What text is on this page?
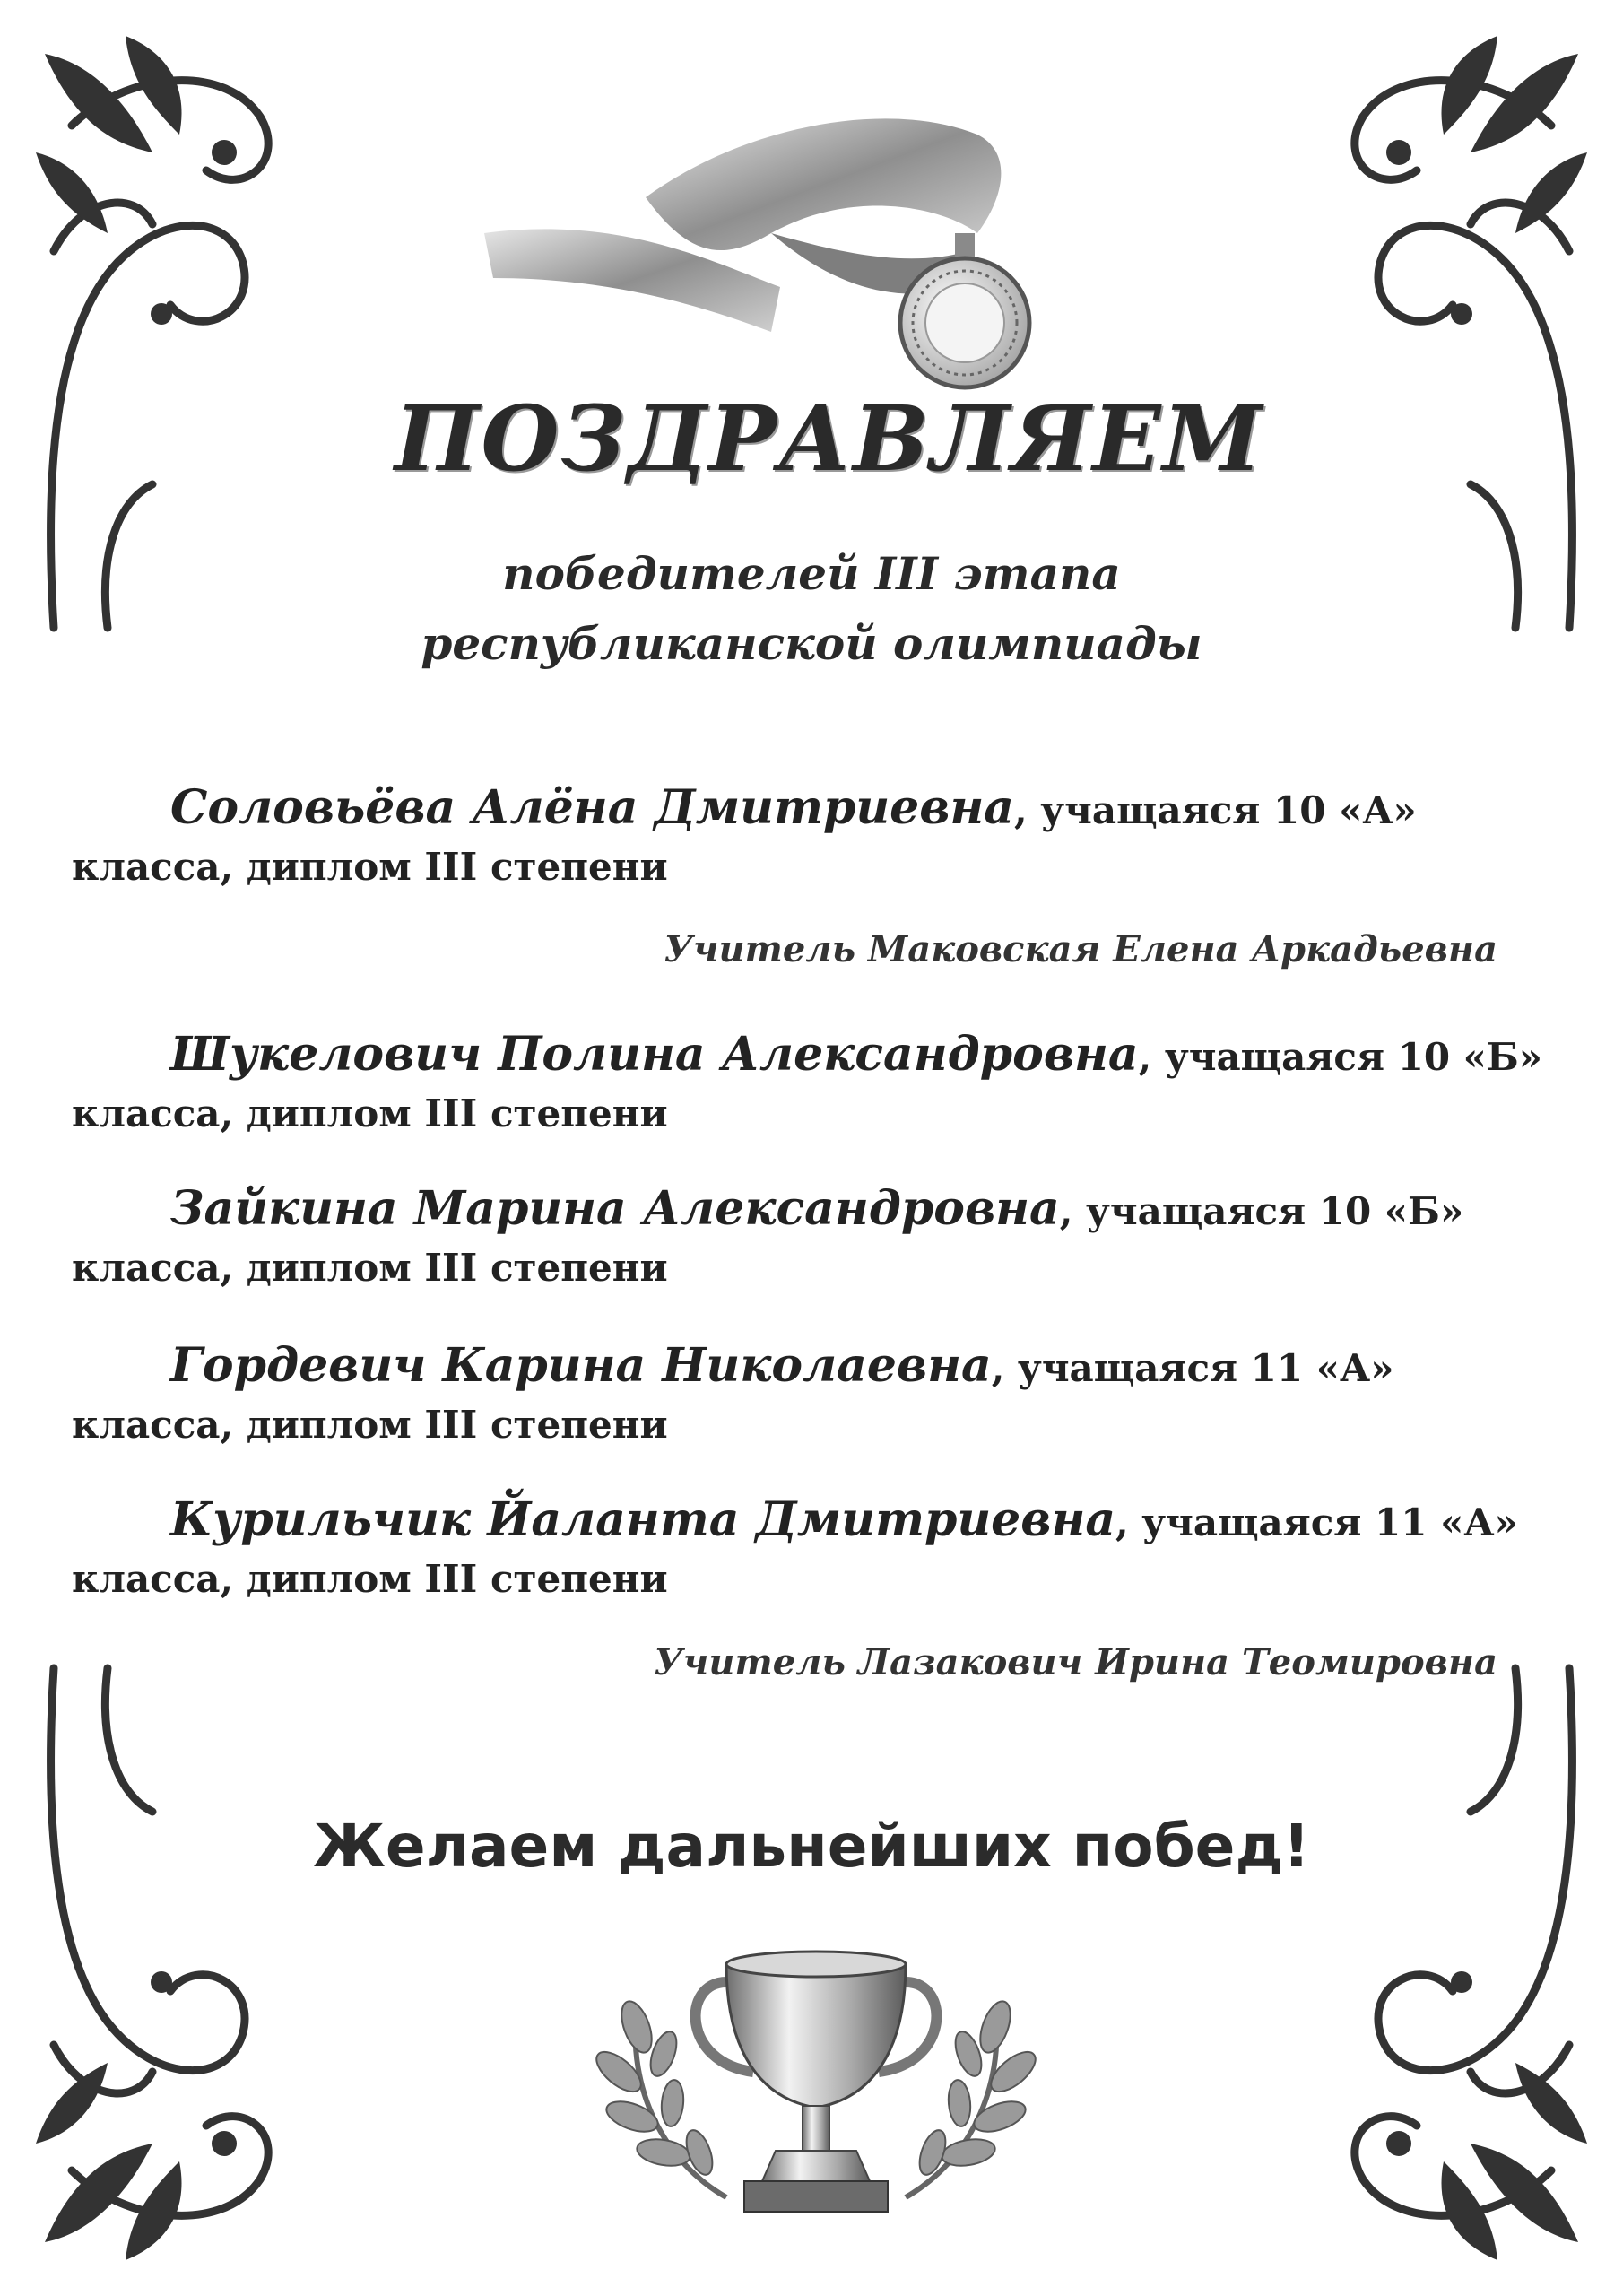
ПОЗДРАВЛЯЕМ
победителей III этапа
республиканской олимпиады
Соловьёва Алёна Дмитриевна, учащаяся 10 «А»
класса, диплом III степени
Учитель Маковская Елена Аркадьевна
Шукелович Полина Александровна, учащаяся 10 «Б»
класса, диплом III степени
Зайкина Марина Александровна, учащаяся 10 «Б»
класса, диплом III степени
Гордевич Карина Николаевна, учащаяся 11 «А»
класса, диплом III степени
Курильчик Йаланта Дмитриевна, учащаяся 11 «А»
класса, диплом III степени
Учитель Лазакович Ирина Теомировна
Желаем дальнейших побед!
